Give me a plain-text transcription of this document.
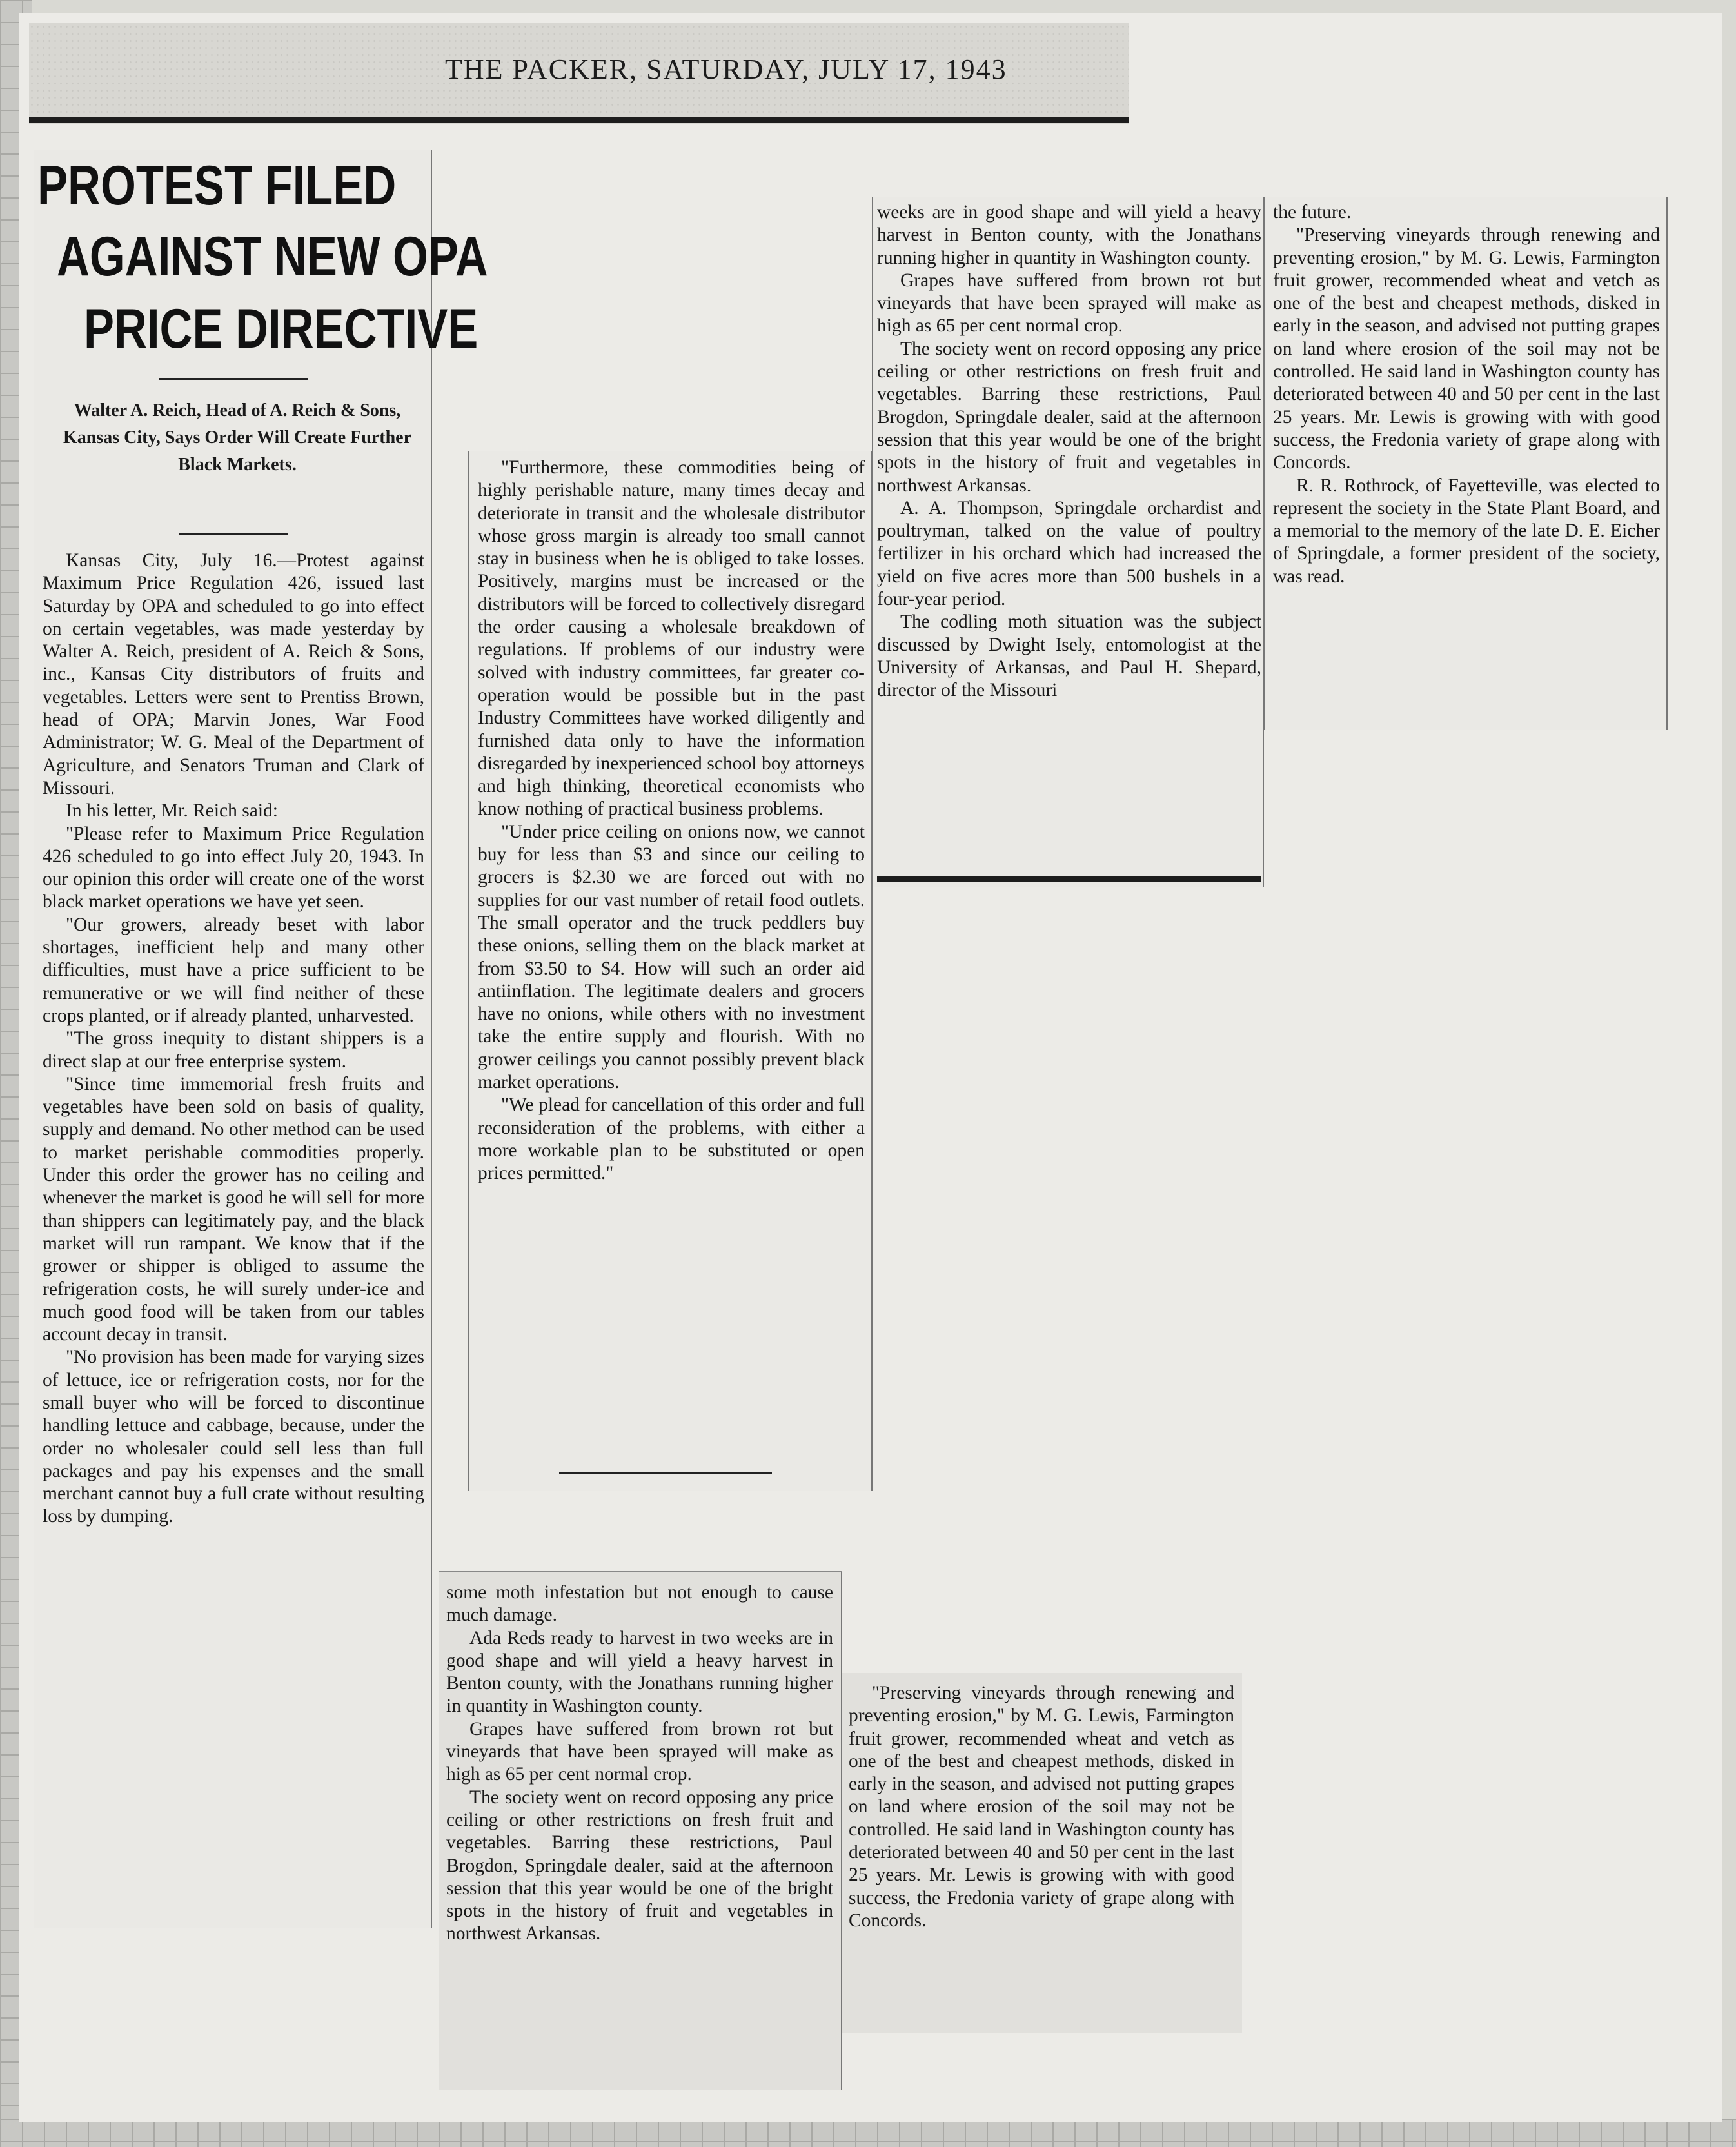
THE PACKER, SATURDAY, JULY 17, 1943
PROTEST FILED
AGAINST NEW OPA
PRICE DIRECTIVE
Walter A. Reich, Head of A. Reich & Sons, Kansas City, Says Order Will Create Further Black Markets.

Kansas City, July 16.—Protest against Maximum Price Regulation 426, issued last Saturday by OPA and scheduled to go into effect on certain vegetables, was made yesterday by Walter A. Reich, president of A. Reich & Sons, inc., Kansas City distributors of fruits and vegetables. Letters were sent to Prentiss Brown, head of OPA; Marvin Jones, War Food Administrator; W. G. Meal of the Department of Agriculture, and Senators Truman and Clark of Missouri.

In his letter, Mr. Reich said:

"Please refer to Maximum Price Regulation 426 scheduled to go into effect July 20, 1943. In our opinion this order will create one of the worst black market operations we have yet seen.

"Our growers, already beset with labor shortages, inefficient help and many other difficulties, must have a price sufficient to be remunerative or we will find neither of these crops planted, or if already planted, unharvested.

"The gross inequity to distant shippers is a direct slap at our free enterprise system.

"Since time immemorial fresh fruits and vegetables have been sold on basis of quality, supply and demand. No other method can be used to market perishable commodities properly. Under this order the grower has no ceiling and whenever the market is good he will sell for more than shippers can legitimately pay, and the black market will run rampant. We know that if the grower or shipper is obliged to assume the refrigeration costs, he will surely under-ice and much good food will be taken from our tables account decay in transit.

"No provision has been made for varying sizes of lettuce, ice or refrigeration costs, nor for the small buyer who will be forced to discontinue handling lettuce and cabbage, because, under the order no wholesaler could sell less than full packages and pay his expenses and the small merchant cannot buy a full crate without resulting loss by dumping.

"Furthermore, these commodities being of highly perishable nature, many times decay and deteriorate in transit and the wholesale distributor whose gross margin is already too small cannot stay in business when he is obliged to take losses. Positively, margins must be increased or the distributors will be forced to collectively disregard the order causing a wholesale breakdown of regulations. If problems of our industry were solved with industry committees, far greater co-operation would be possible but in the past Industry Committees have worked diligently and furnished data only to have the information disregarded by inexperienced school boy attorneys and high thinking, theoretical economists who know nothing of practical business problems.

"Under price ceiling on onions now, we cannot buy for less than $3 and since our ceiling to grocers is $2.30 we are forced out with no supplies for our vast number of retail food outlets. The small operator and the truck peddlers buy these onions, selling them on the black market at from $3.50 to $4. How will such an order aid antiinflation. The legitimate dealers and grocers have no onions, while others with no investment take the entire supply and flourish. With no grower ceilings you cannot possibly prevent black market operations.

"We plead for cancellation of this order and full reconsideration of the problems, with either a more workable plan to be substituted or open prices permitted."

weeks are in good shape and will yield a heavy harvest in Benton county, with the Jonathans running higher in quantity in Washington county.

Grapes have suffered from brown rot but vineyards that have been sprayed will make as high as 65 per cent normal crop.

The society went on record opposing any price ceiling or other restrictions on fresh fruit and vegetables. Barring these restrictions, Paul Brogdon, Springdale dealer, said at the afternoon session that this year would be one of the bright spots in the history of fruit and vegetables in northwest Arkansas.

A. A. Thompson, Springdale orchardist and poultryman, talked on the value of poultry fertilizer in his orchard which had increased the yield on five acres more than 500 bushels in a four-year period.

The codling moth situation was the subject discussed by Dwight Isely, entomologist at the University of Arkansas, and Paul H. Shepard, director of the Missouri

the future.

"Preserving vineyards through renewing and preventing erosion," by M. G. Lewis, Farmington fruit grower, recommended wheat and vetch as one of the best and cheapest methods, disked in early in the season, and advised not putting grapes on land where erosion of the soil may not be controlled. He said land in Washington county has deteriorated between 40 and 50 per cent in the last 25 years. Mr. Lewis is growing with with good success, the Fredonia variety of grape along with Concords.

R. R. Rothrock, of Fayetteville, was elected to represent the society in the State Plant Board, and a memorial to the memory of the late D. E. Eicher of Springdale, a former president of the society, was read.

some moth infestation but not enough to cause much damage.

Ada Reds ready to harvest in two weeks are in good shape and will yield a heavy harvest in Benton county, with the Jonathans running higher in quantity in Washington county.

Grapes have suffered from brown rot but vineyards that have been sprayed will make as high as 65 per cent normal crop.

The society went on record opposing any price ceiling or other restrictions on fresh fruit and vegetables. Barring these restrictions, Paul Brogdon, Springdale dealer, said at the afternoon session that this year would be one of the bright spots in the history of fruit and vegetables in northwest Arkansas.

"Preserving vineyards through renewing and preventing erosion," by M. G. Lewis, Farmington fruit grower, recommended wheat and vetch as one of the best and cheapest methods, disked in early in the season, and advised not putting grapes on land where erosion of the soil may not be controlled. He said land in Washington county has deteriorated between 40 and 50 per cent in the last 25 years. Mr. Lewis is growing with with good success, the Fredonia variety of grape along with Concords.
